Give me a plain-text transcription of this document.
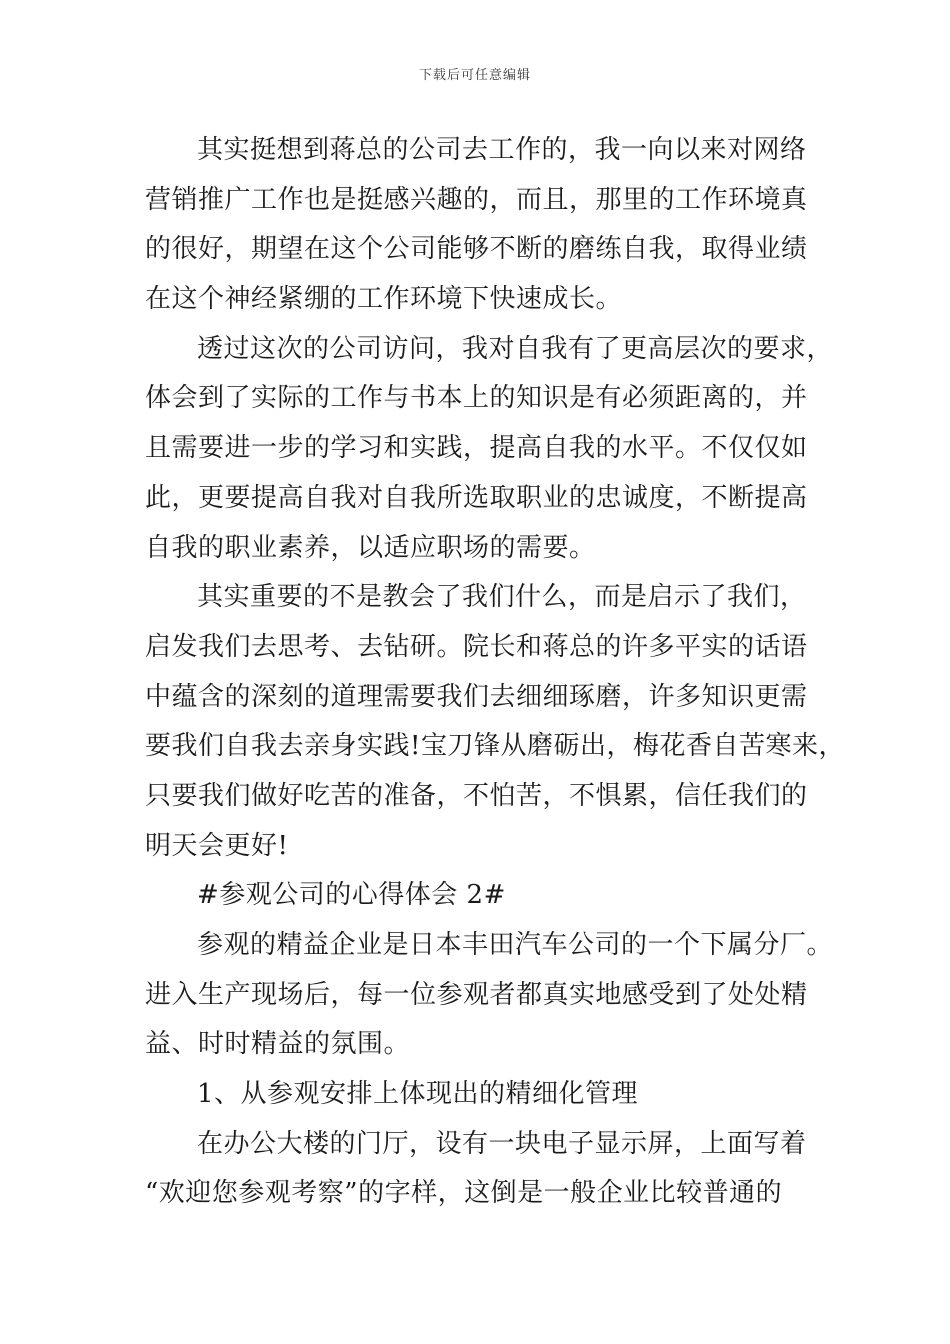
下载后可任意编辑
其实挺想到蒋总的公司去工作的，我一向以来对网络
营销推广工作也是挺感兴趣的，而且，那里的工作环境真
的很好，期望在这个公司能够不断的磨练自我，取得业绩
在这个神经紧绷的工作环境下快速成长。
透过这次的公司访问，我对自我有了更高层次的要求，
体会到了实际的工作与书本上的知识是有必须距离的，并
且需要进一步的学习和实践，提高自我的水平。不仅仅如
此，更要提高自我对自我所选取职业的忠诚度，不断提高
自我的职业素养，以适应职场的需要。
其实重要的不是教会了我们什么，而是启示了我们，
启发我们去思考、去钻研。院长和蒋总的许多平实的话语
中蕴含的深刻的道理需要我们去细细琢磨，许多知识更需
要我们自我去亲身实践!宝刀锋从磨砺出，梅花香自苦寒来，
只要我们做好吃苦的准备，不怕苦，不惧累，信任我们的
明天会更好!
#参观公司的心得体会 2#
参观的精益企业是日本丰田汽车公司的一个下属分厂。
进入生产现场后，每一位参观者都真实地感受到了处处精
益、时时精益的氛围。
1、从参观安排上体现出的精细化管理
在办公大楼的门厅，设有一块电子显示屏，上面写着
“欢迎您参观考察”的字样，这倒是一般企业比较普通的
